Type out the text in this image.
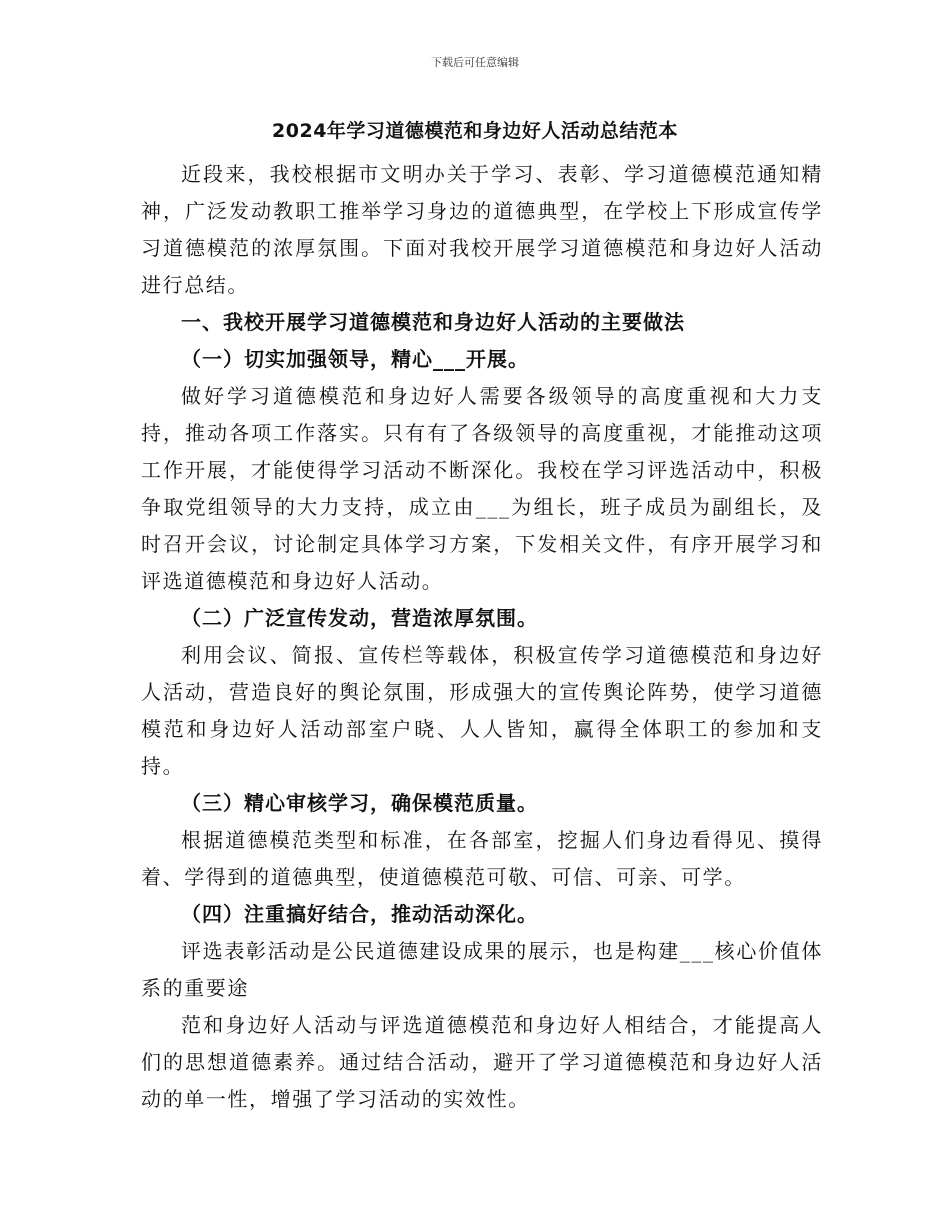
下载后可任意编辑
2024年学习道德模范和身边好人活动总结范本

近段来，我校根据市文明办关于学习、表彰、学习道德模范通知精神，广泛发动教职工推举学习身边的道德典型，在学校上下形成宣传学习道德模范的浓厚氛围。下面对我校开展学习道德模范和身边好人活动进行总结。

一、我校开展学习道德模范和身边好人活动的主要做法

（一）切实加强领导，精心___开展。

做好学习道德模范和身边好人需要各级领导的高度重视和大力支持，推动各项工作落实。只有有了各级领导的高度重视，才能推动这项工作开展，才能使得学习活动不断深化。我校在学习评选活动中，积极争取党组领导的大力支持，成立由___为组长，班子成员为副组长，及时召开会议，讨论制定具体学习方案，下发相关文件，有序开展学习和评选道德模范和身边好人活动。

（二）广泛宣传发动，营造浓厚氛围。

利用会议、简报、宣传栏等载体，积极宣传学习道德模范和身边好人活动，营造良好的舆论氛围，形成强大的宣传舆论阵势，使学习道德模范和身边好人活动部室户晓、人人皆知，赢得全体职工的参加和支持。

（三）精心审核学习，确保模范质量。

根据道德模范类型和标准，在各部室，挖掘人们身边看得见、摸得着、学得到的道德典型，使道德模范可敬、可信、可亲、可学。

（四）注重搞好结合，推动活动深化。

评选表彰活动是公民道德建设成果的展示，也是构建___核心价值体系的重要途

范和身边好人活动与评选道德模范和身边好人相结合，才能提高人们的思想道德素养。通过结合活动，避开了学习道德模范和身边好人活动的单一性，增强了学习活动的实效性。
